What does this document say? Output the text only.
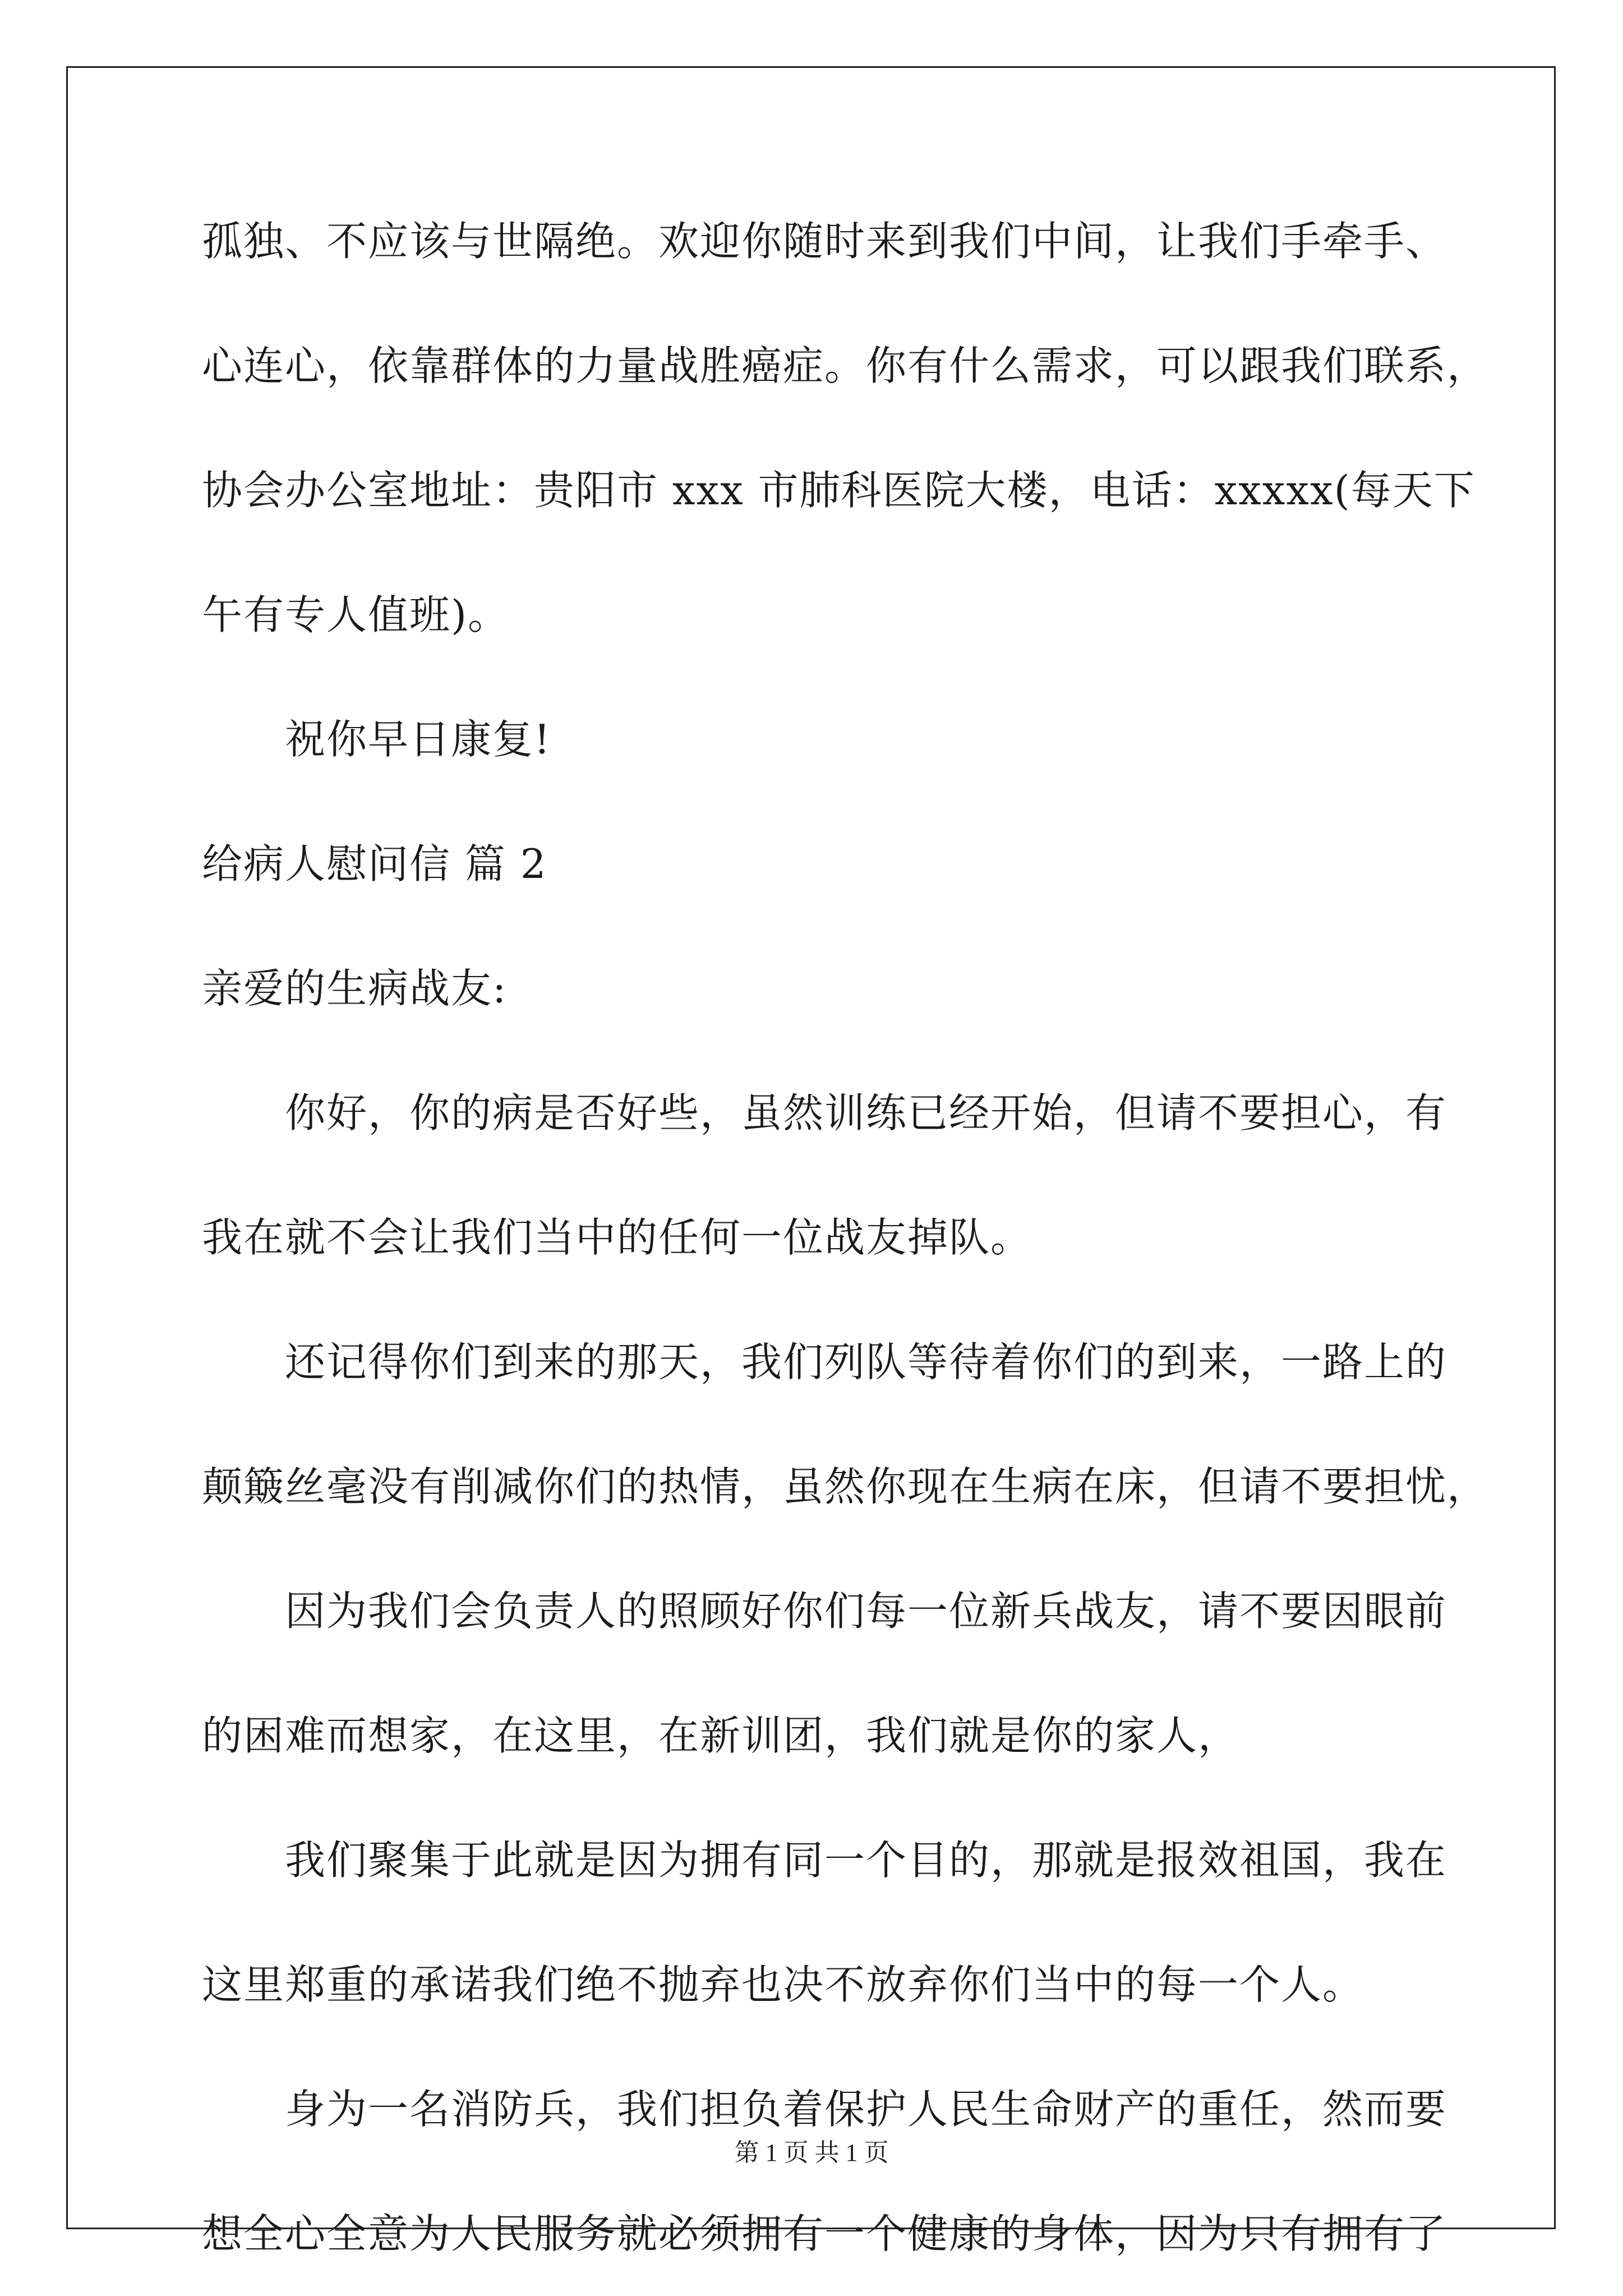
孤独、不应该与世隔绝。欢迎你随时来到我们中间，让我们手牵手、
心连心，依靠群体的力量战胜癌症。你有什么需求，可以跟我们联系，
协会办公室地址：贵阳市 xxx 市肺科医院大楼，电话：xxxxx(每天下
午有专人值班)。
祝你早日康复!
给病人慰问信 篇 2
亲爱的生病战友:
你好，你的病是否好些，虽然训练已经开始，但请不要担心，有
我在就不会让我们当中的任何一位战友掉队。
还记得你们到来的那天，我们列队等待着你们的到来，一路上的
颠簸丝毫没有削减你们的热情，虽然你现在生病在床，但请不要担忧，
因为我们会负责人的照顾好你们每一位新兵战友，请不要因眼前
的困难而想家，在这里，在新训团，我们就是你的家人，
我们聚集于此就是因为拥有同一个目的，那就是报效祖国，我在
这里郑重的承诺我们绝不抛弃也决不放弃你们当中的每一个人。
身为一名消防兵，我们担负着保护人民生命财产的重任，然而要
想全心全意为人民服务就必须拥有一个健康的身体，因为只有拥有了
第 1 页 共 1 页
